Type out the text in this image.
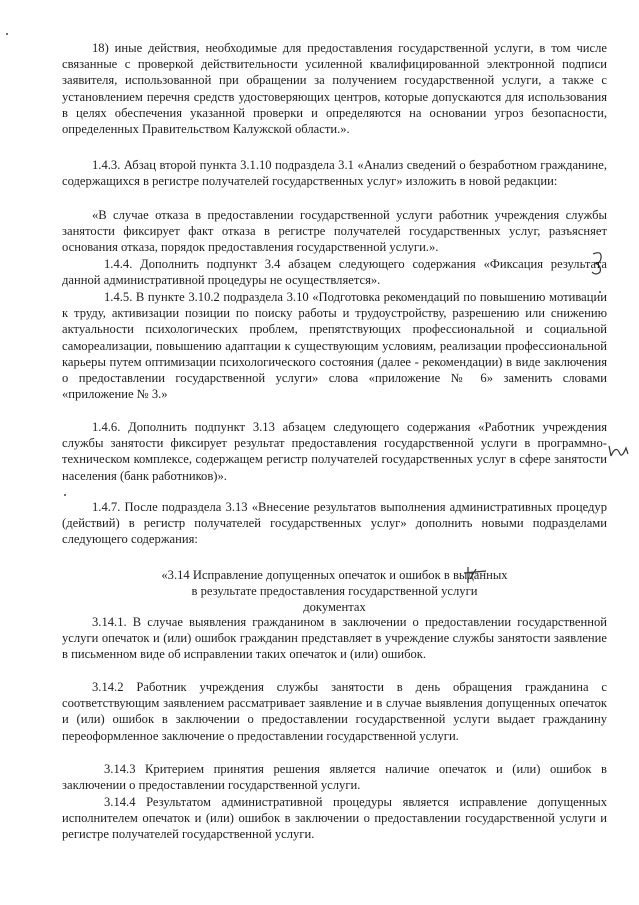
18) иные действия, необходимые для предоставления государственной услуги, в том числе связанные с проверкой действительности усиленной квалифицированной электронной подписи заявителя, использованной при обращении за получением государственной услуги, а также с установлением перечня средств удостоверяющих центров, которые допускаются для использования в целях обеспечения указанной проверки и определяются на основании угроз безопасности, определенных Правительством Калужской области.».

1.4.3. Абзац второй пункта 3.1.10 подраздела 3.1 «Анализ сведений о безработном гражданине, содержащихся в регистре получателей государственных услуг» изложить в новой редакции:

«В случае отказа в предоставлении государственной услуги работник учреждения службы занятости фиксирует факт отказа в регистре получателей государственных услуг, разъясняет основания отказа, порядок предоставления государственной услуги.».

1.4.4. Дополнить подпункт 3.4 абзацем следующего содержания «Фиксация результата данной административной процедуры не осуществляется».

1.4.5. В пункте 3.10.2 подраздела 3.10 «Подготовка рекомендаций по повышению мотивации к труду, активизации позиции по поиску работы и трудоустройству, разрешению или снижению актуальности психологических проблем, препятствующих профессиональной и социальной самореализации, повышению адаптации к существующим условиям, реализации профессиональной карьеры путем оптимизации психологического состояния (далее - рекомендации) в виде заключения о предоставлении государственной услуги» слова «приложение № 6» заменить словами «приложение № 3.»

1.4.6. Дополнить подпункт 3.13 абзацем следующего содержания «Работник учреждения службы занятости фиксирует результат предоставления государственной услуги в программно-техническом комплексе, содержащем регистр получателей государственных услуг в сфере занятости населения (банк работников)».

1.4.7. После подраздела 3.13 «Внесение результатов выполнения административных процедур (действий) в регистр получателей государственных услуг» дополнить новыми подразделами следующего содержания:

«3.14 Исправление допущенных опечаток и ошибок в выданных
в результате предоставления государственной услуги
документах

3.14.1. В случае выявления гражданином в заключении о предоставлении государственной услуги опечаток и (или) ошибок гражданин представляет в учреждение службы занятости заявление в письменном виде об исправлении таких опечаток и (или) ошибок.

3.14.2 Работник учреждения службы занятости в день обращения гражданина с соответствующим заявлением рассматривает заявление и в случае выявления допущенных опечаток и (или) ошибок в заключении о предоставлении государственной услуги выдает гражданину переоформленное заключение о предоставлении государственной услуги.

3.14.3 Критерием принятия решения является наличие опечаток и (или) ошибок в заключении о предоставлении государственной услуги.

3.14.4 Результатом административной процедуры является исправление допущенных исполнителем опечаток и (или) ошибок в заключении о предоставлении государственной услуги и регистре получателей государственной услуги.
